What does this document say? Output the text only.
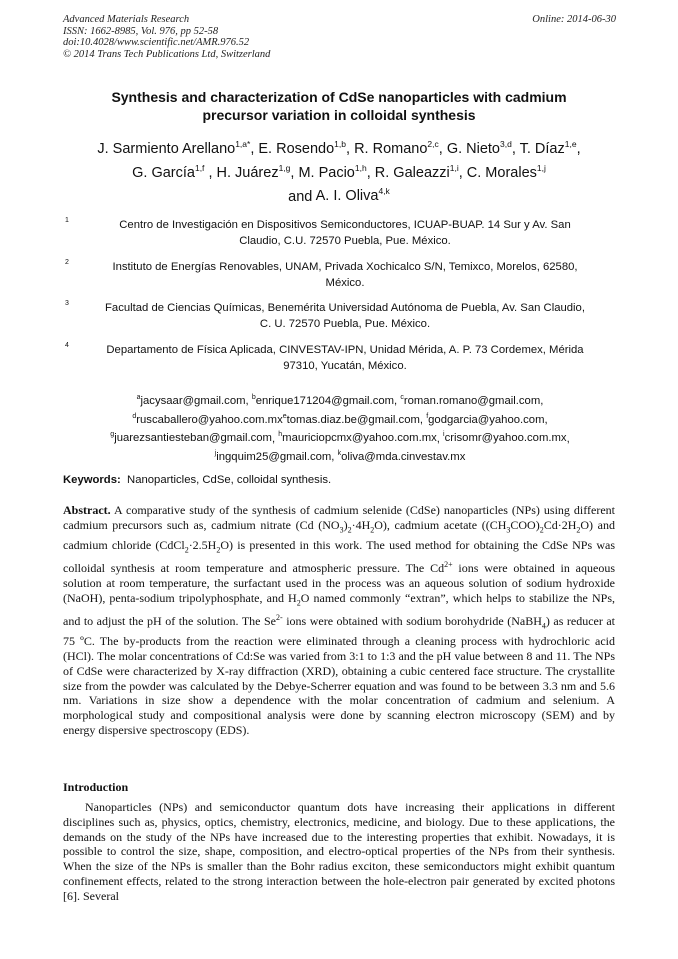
Advanced Materials Research
ISSN: 1662-8985, Vol. 976, pp 52-58
doi:10.4028/www.scientific.net/AMR.976.52
© 2014 Trans Tech Publications Ltd, Switzerland
Online: 2014-06-30
Synthesis and characterization of CdSe nanoparticles with cadmium
precursor variation in colloidal synthesis
J. Sarmiento Arellano$^{1,a*}$, E. Rosendo$^{1,b}$, R. Romano$^{2,c}$, G. Nieto$^{3,d}$, T. Díaz$^{1,e}$,
G. García$^{1,f}$ , H. Juárez$^{1,g}$, M. Pacio$^{1,h}$, R. Galeazzi$^{1,i}$, C. Morales$^{1,j}$
and A. I. Oliva$^{4,k}$
1	Centro de Investigación en Dispositivos Semiconductores, ICUAP-BUAP. 14 Sur y Av. San
Claudio, C.U. 72570 Puebla, Pue. México.
2	Instituto de Energías Renovables, UNAM, Privada Xochicalco S/N, Temixco, Morelos, 62580,
México.
3	Facultad de Ciencias Químicas, Benemérita Universidad Autónoma de Puebla, Av. San Claudio,
C. U. 72570 Puebla, Pue. México.
4	Departamento de Física Aplicada, CINVESTAV-IPN, Unidad Mérida, A. P. 73 Cordemex, Mérida
97310, Yucatán, México.
$^a$jacysaar@gmail.com, $^b$enrique171204@gmail.com, $^c$roman.romano@gmail.com,
$^druscaballero@yahoo.com.mx^etomas.diaz.be@gmail.com$, $^f$godgarcia@yahoo.com,
$^g$juarezsantiesteban@gmail.com, $^h$mauriciopcmx@yahoo.com.mx, $^i$crisomr@yahoo.com.mx,
$^j$ingquim25@gmail.com, $^k$oliva@mda.cinvestav.mx
Keywords: Nanoparticles, CdSe, colloidal synthesis.
Abstract. A comparative study of the synthesis of cadmium selenide (CdSe) nanoparticles (NPs) using different cadmium precursors such as, cadmium nitrate (Cd $(NO_3)_2\cdot 4H_2O$), cadmium acetate $((CH_3COO)_2Cd\cdot 2H_2O)$ and cadmium chloride $(CdCl_2\cdot 2.5H_2O)$ is presented in this work. The used method for obtaining the CdSe NPs was colloidal synthesis at room temperature and atmospheric pressure. The $Cd^{2+}$ ions were obtained in aqueous solution at room temperature, the surfactant used in the process was an aqueous solution of sodium hydroxide (NaOH), penta-sodium tripolyphosphate, and $H_2O$ named commonly “extran”, which helps to stabilize the NPs, and to adjust the pH of the solution. The $Se^{2-}$ ions were obtained with sodium borohydride (NaBH$_4$) as reducer at 75 ºC. The by-products from the reaction were eliminated through a cleaning process with hydrochloric acid (HCl). The molar concentrations of Cd:Se was varied from 3:1 to 1:3 and the pH value between 8 and 11. The NPs of CdSe were characterized by X-ray diffraction (XRD), obtaining a cubic centered face structure. The crystallite size from the powder was calculated by the Debye-Scherrer equation and was found to be between 3.3 nm and 5.6 nm. Variations in size show a dependence with the molar concentration of cadmium and selenium. A morphological study and compositional analysis were done by scanning electron microscopy (SEM) and by energy dispersive spectroscopy (EDS).
Introduction
Nanoparticles (NPs) and semiconductor quantum dots have increasing their applications in different disciplines such as, physics, optics, chemistry, electronics, medicine, and biology. Due to these applications, the demands on the study of the NPs have increased due to the interesting properties that exhibit. Nowadays, it is possible to control the size, shape, composition, and electro-optical properties of the NPs from their synthesis. When the size of the NPs is smaller than the Bohr radius exciton, these semiconductors might exhibit quantum confinement effects, related to the strong interaction between the hole-electron pair generated by excited photons [6]. Several
